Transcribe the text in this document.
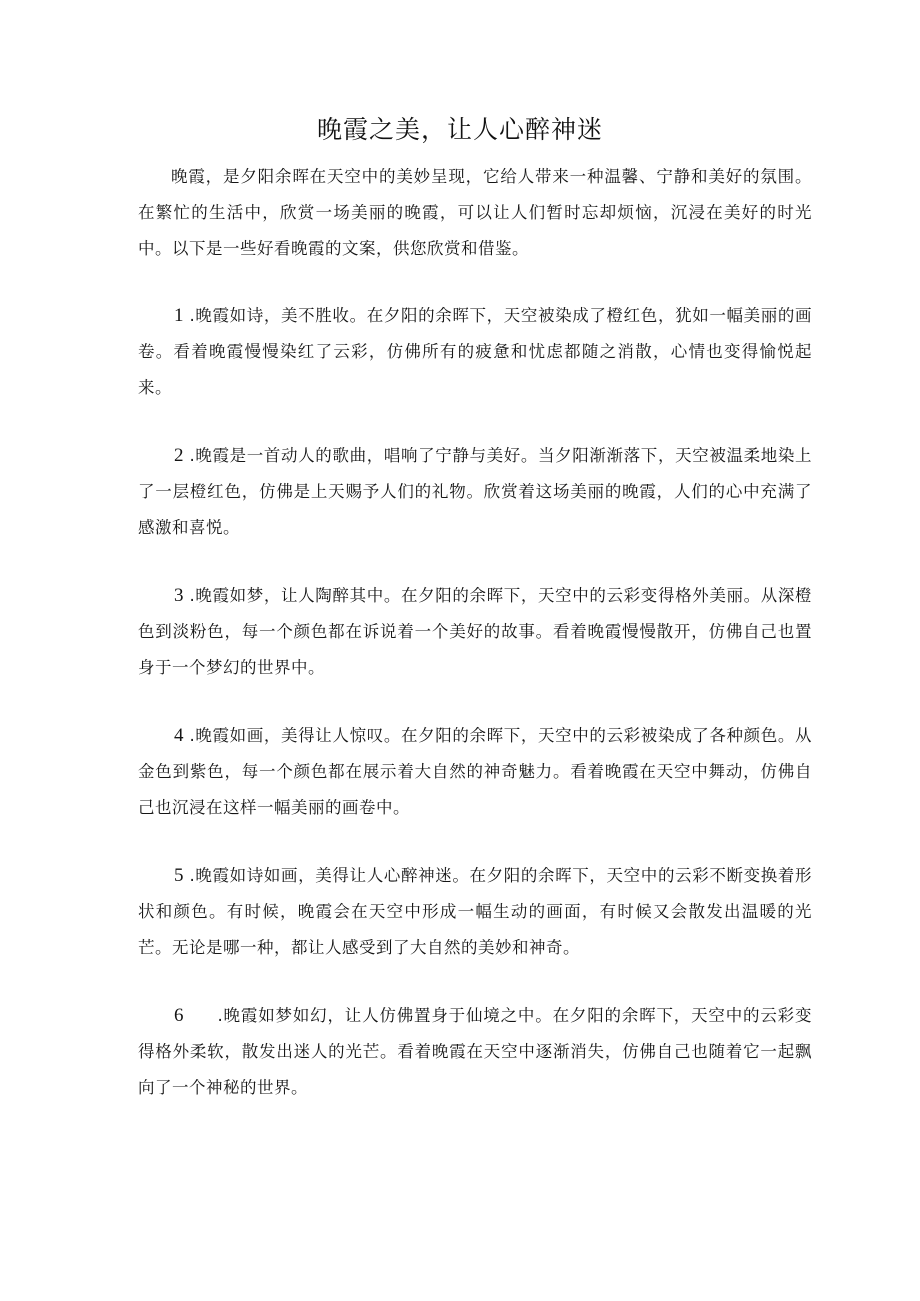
晚霞之美，让人心醉神迷

晚霞，是夕阳余晖在天空中的美妙呈现，它给人带来一种温馨、宁静和美好的氛围。在繁忙的生活中，欣赏一场美丽的晚霞，可以让人们暂时忘却烦恼，沉浸在美好的时光中。以下是一些好看晚霞的文案，供您欣赏和借鉴。

1 .晚霞如诗，美不胜收。在夕阳的余晖下，天空被染成了橙红色，犹如一幅美丽的画卷。看着晚霞慢慢染红了云彩，仿佛所有的疲惫和忧虑都随之消散，心情也变得愉悦起来。

2 .晚霞是一首动人的歌曲，唱响了宁静与美好。当夕阳渐渐落下，天空被温柔地染上了一层橙红色，仿佛是上天赐予人们的礼物。欣赏着这场美丽的晚霞，人们的心中充满了感激和喜悦。

3 .晚霞如梦，让人陶醉其中。在夕阳的余晖下，天空中的云彩变得格外美丽。从深橙色到淡粉色，每一个颜色都在诉说着一个美好的故事。看着晚霞慢慢散开，仿佛自己也置身于一个梦幻的世界中。

4 .晚霞如画，美得让人惊叹。在夕阳的余晖下，天空中的云彩被染成了各种颜色。从金色到紫色，每一个颜色都在展示着大自然的神奇魅力。看着晚霞在天空中舞动，仿佛自己也沉浸在这样一幅美丽的画卷中。

5 .晚霞如诗如画，美得让人心醉神迷。在夕阳的余晖下，天空中的云彩不断变换着形状和颜色。有时候，晚霞会在天空中形成一幅生动的画面，有时候又会散发出温暖的光芒。无论是哪一种，都让人感受到了大自然的美妙和神奇。

6 .晚霞如梦如幻，让人仿佛置身于仙境之中。在夕阳的余晖下，天空中的云彩变得格外柔软，散发出迷人的光芒。看着晚霞在天空中逐渐消失，仿佛自己也随着它一起飘向了一个神秘的世界。
